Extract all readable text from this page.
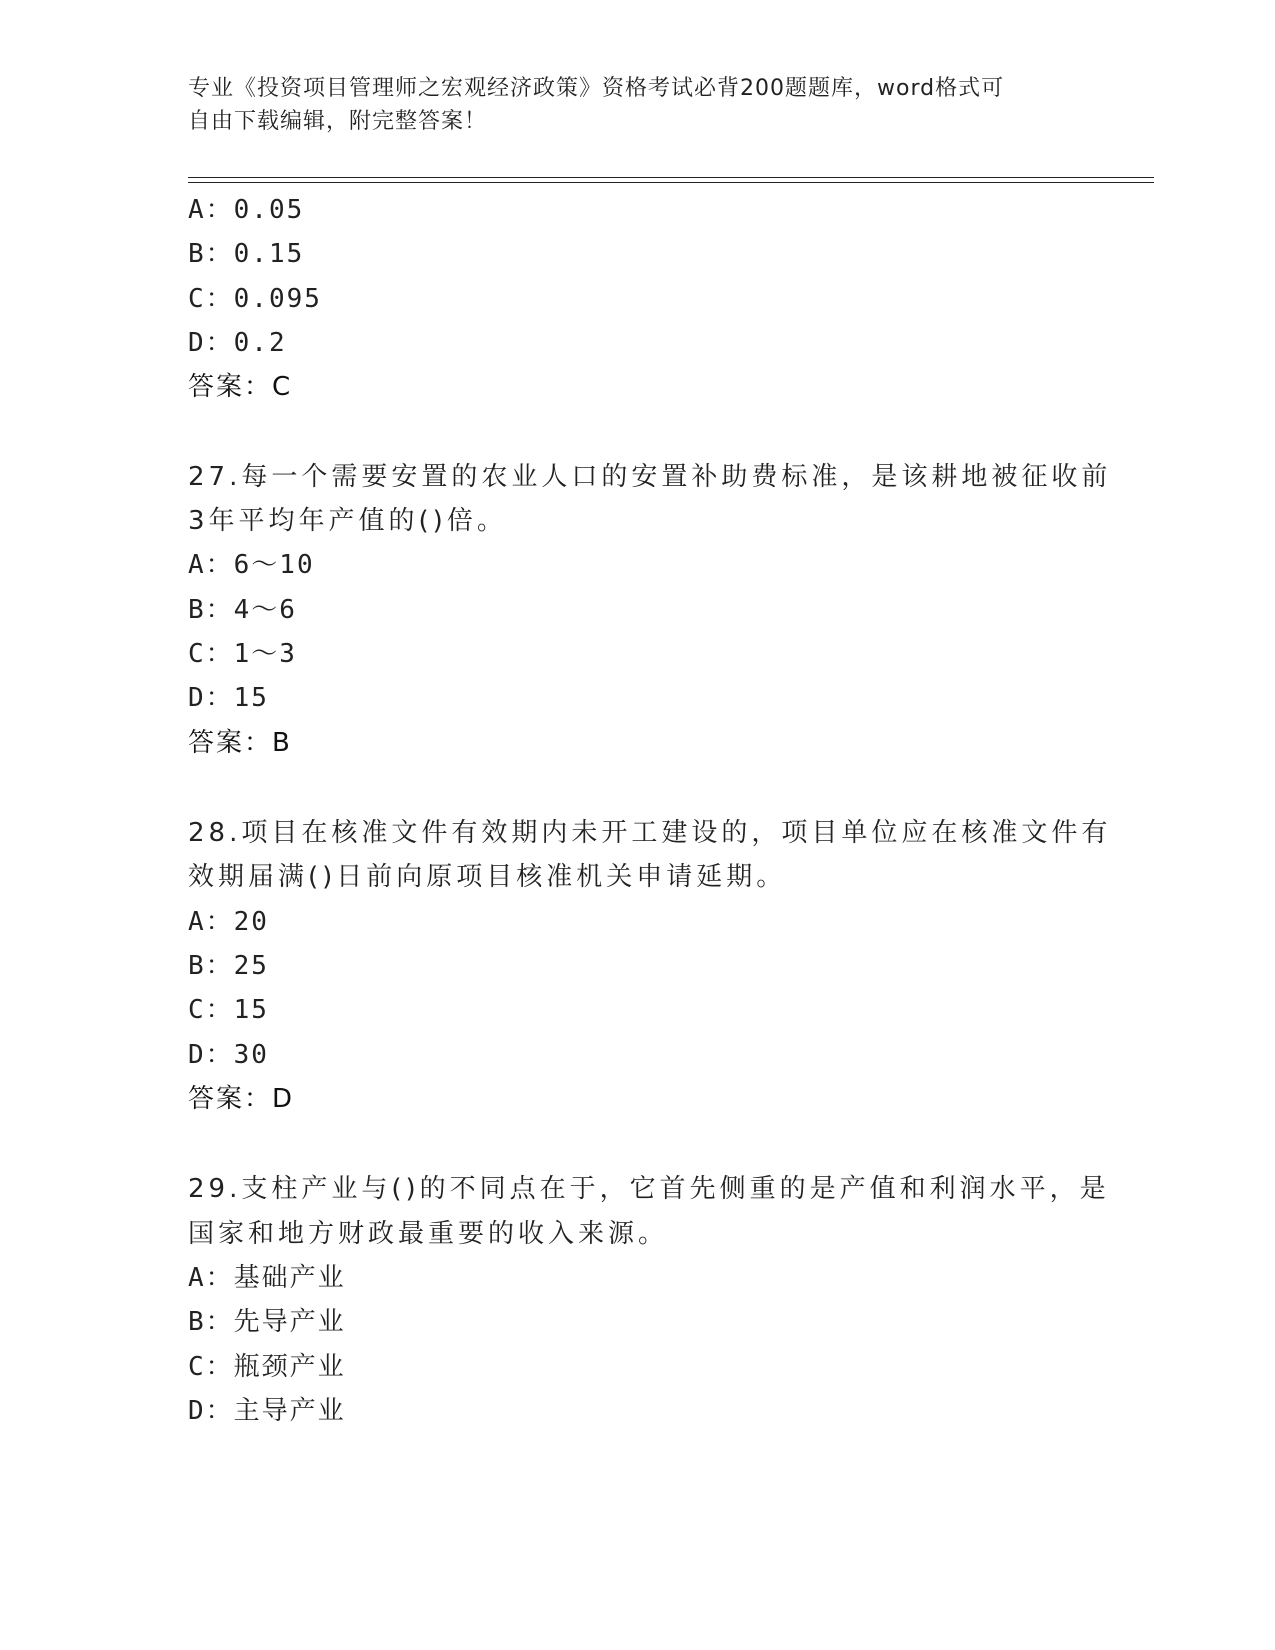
专业《投资项目管理师之宏观经济政策》资格考试必背200题题库，word格式可
自由下载编辑，附完整答案！
A：0.05
B：0.15
C：0.095
D：0.2
答案：C
27.每一个需要安置的农业人口的安置补助费标准，是该耕地被征收前
3年平均年产值的()倍。
A：6～10
B：4～6
C：1～3
D：15
答案：B
28.项目在核准文件有效期内未开工建设的，项目单位应在核准文件有
效期届满()日前向原项目核准机关申请延期。
A：20
B：25
C：15
D：30
答案：D
29.支柱产业与()的不同点在于，它首先侧重的是产值和利润水平，是
国家和地方财政最重要的收入来源。
A：基础产业
B：先导产业
C：瓶颈产业
D：主导产业
